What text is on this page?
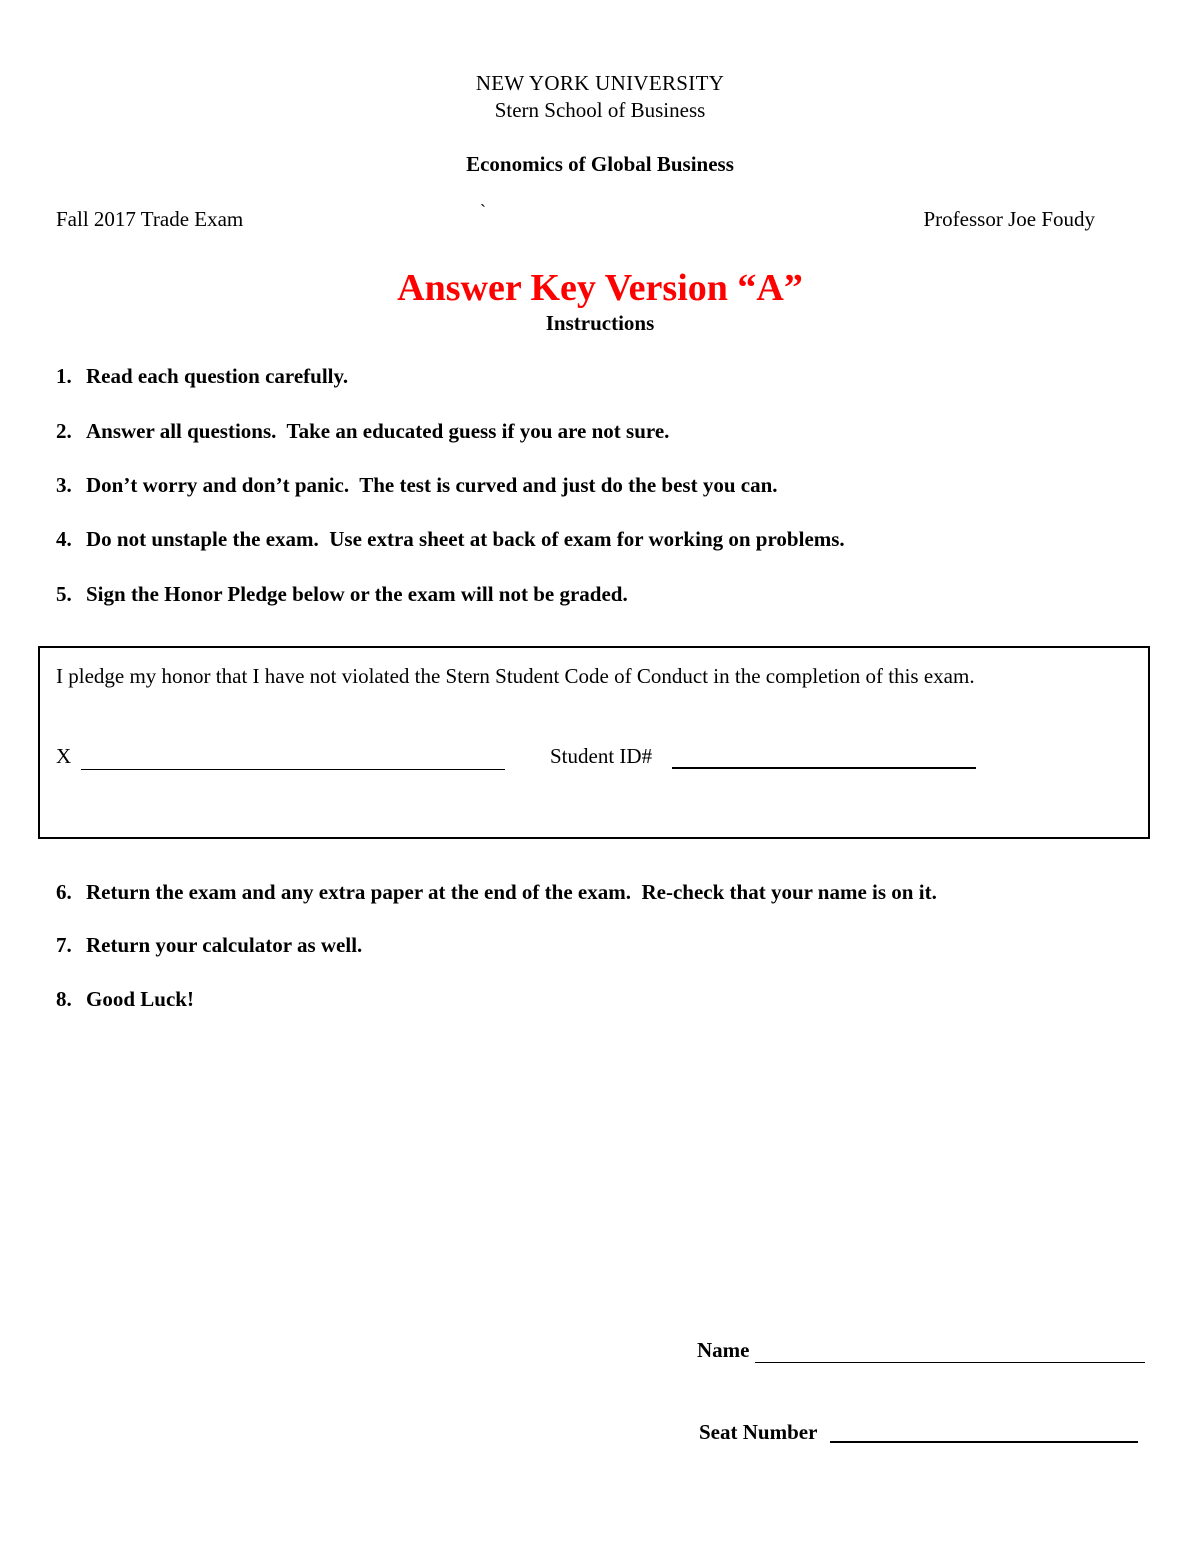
NEW YORK UNIVERSITY
Stern School of Business
Economics of Global Business
Fall 2017 Trade Exam	`	Professor Joe Foudy
Answer Key Version “A”
Instructions
1. Read each question carefully.
2. Answer all questions.  Take an educated guess if you are not sure.
3. Don’t worry and don’t panic.  The test is curved and just do the best you can.
4. Do not unstaple the exam.  Use extra sheet at back of exam for working on problems.
5. Sign the Honor Pledge below or the exam will not be graded.
I pledge my honor that I have not violated the Stern Student Code of Conduct in the completion of this exam.
X	Student ID#
6. Return the exam and any extra paper at the end of the exam.  Re-check that your name is on it.
7. Return your calculator as well.
8. Good Luck!
Name
Seat Number
